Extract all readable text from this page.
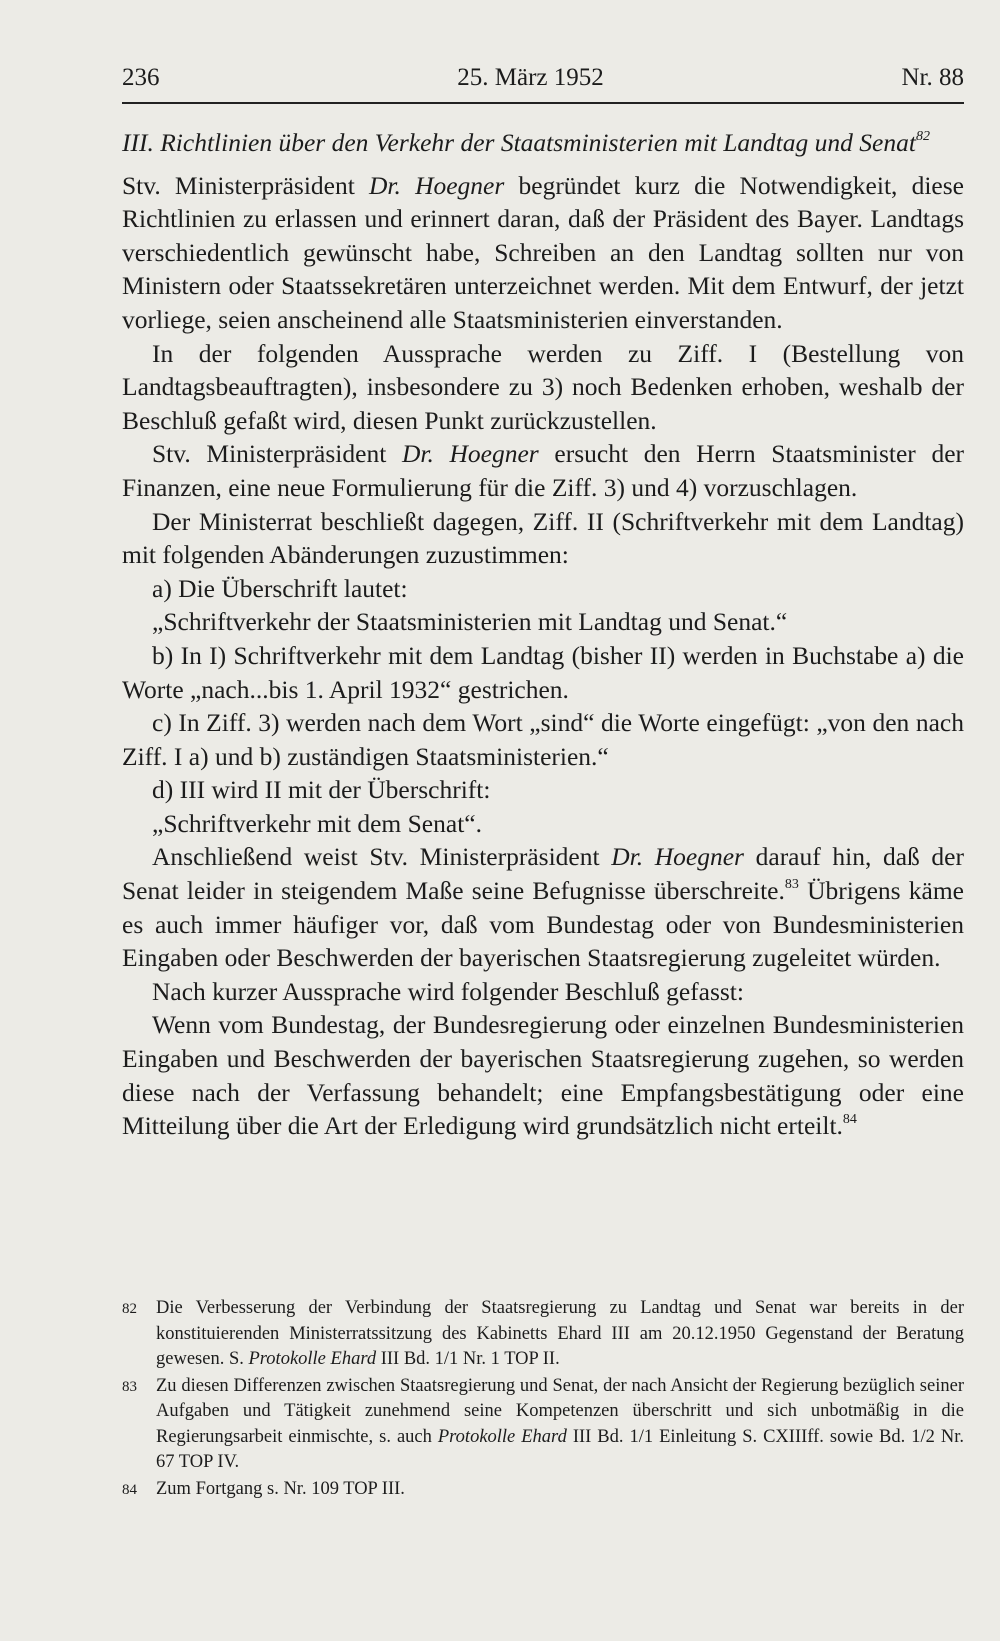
236	25. März 1952	Nr. 88

III. Richtlinien über den Verkehr der Staatsministerien mit Landtag und Senat$^{82}$

Stv. Ministerpräsident Dr. Hoegner begründet kurz die Notwendigkeit, diese Richtlinien zu erlassen und erinnert daran, daß der Präsident des Bayer. Landtags verschiedentlich gewünscht habe, Schreiben an den Landtag sollten nur von Ministern oder Staatssekretären unterzeichnet werden. Mit dem Entwurf, der jetzt vorliege, seien anscheinend alle Staatsministerien einverstanden.

In der folgenden Aussprache werden zu Ziff. I (Bestellung von Landtagsbeauftragten), insbesondere zu 3) noch Bedenken erhoben, weshalb der Beschluß gefaßt wird, diesen Punkt zurückzustellen.

Stv. Ministerpräsident Dr. Hoegner ersucht den Herrn Staatsminister der Finanzen, eine neue Formulierung für die Ziff. 3) und 4) vorzuschlagen.

Der Ministerrat beschließt dagegen, Ziff. II (Schriftverkehr mit dem Landtag) mit folgenden Abänderungen zuzustimmen:

a) Die Überschrift lautet:

„Schriftverkehr der Staatsministerien mit Landtag und Senat.“

b) In I) Schriftverkehr mit dem Landtag (bisher II) werden in Buchstabe a) die Worte „nach...bis 1. April 1932“ gestrichen.

c) In Ziff. 3) werden nach dem Wort „sind“ die Worte eingefügt: „von den nach Ziff. I a) und b) zuständigen Staatsministerien.“

d) III wird II mit der Überschrift:

„Schriftverkehr mit dem Senat“.

Anschließend weist Stv. Ministerpräsident Dr. Hoegner darauf hin, daß der Senat leider in steigendem Maße seine Befugnisse überschreite.$^{83}$ Übrigens käme es auch immer häufiger vor, daß vom Bundestag oder von Bundesministerien Eingaben oder Beschwerden der bayerischen Staatsregierung zugeleitet würden.

Nach kurzer Aussprache wird folgender Beschluß gefasst:

Wenn vom Bundestag, der Bundesregierung oder einzelnen Bundesministerien Eingaben und Beschwerden der bayerischen Staatsregierung zugehen, so werden diese nach der Verfassung behandelt; eine Empfangsbestätigung oder eine Mitteilung über die Art der Erledigung wird grundsätzlich nicht erteilt.$^{84}$

82	Die Verbesserung der Verbindung der Staatsregierung zu Landtag und Senat war bereits in der konstituierenden Ministerratssitzung des Kabinetts Ehard III am 20.12.1950 Gegenstand der Beratung gewesen. S. Protokolle Ehard III Bd. 1/1 Nr. 1 TOP II.
83	Zu diesen Differenzen zwischen Staatsregierung und Senat, der nach Ansicht der Regierung bezüglich seiner Aufgaben und Tätigkeit zunehmend seine Kompetenzen überschritt und sich unbotmäßig in die Regierungsarbeit einmischte, s. auch Protokolle Ehard III Bd. 1/1 Einleitung S. CXIIIff. sowie Bd. 1/2 Nr. 67 TOP IV.
84	Zum Fortgang s. Nr. 109 TOP III.
